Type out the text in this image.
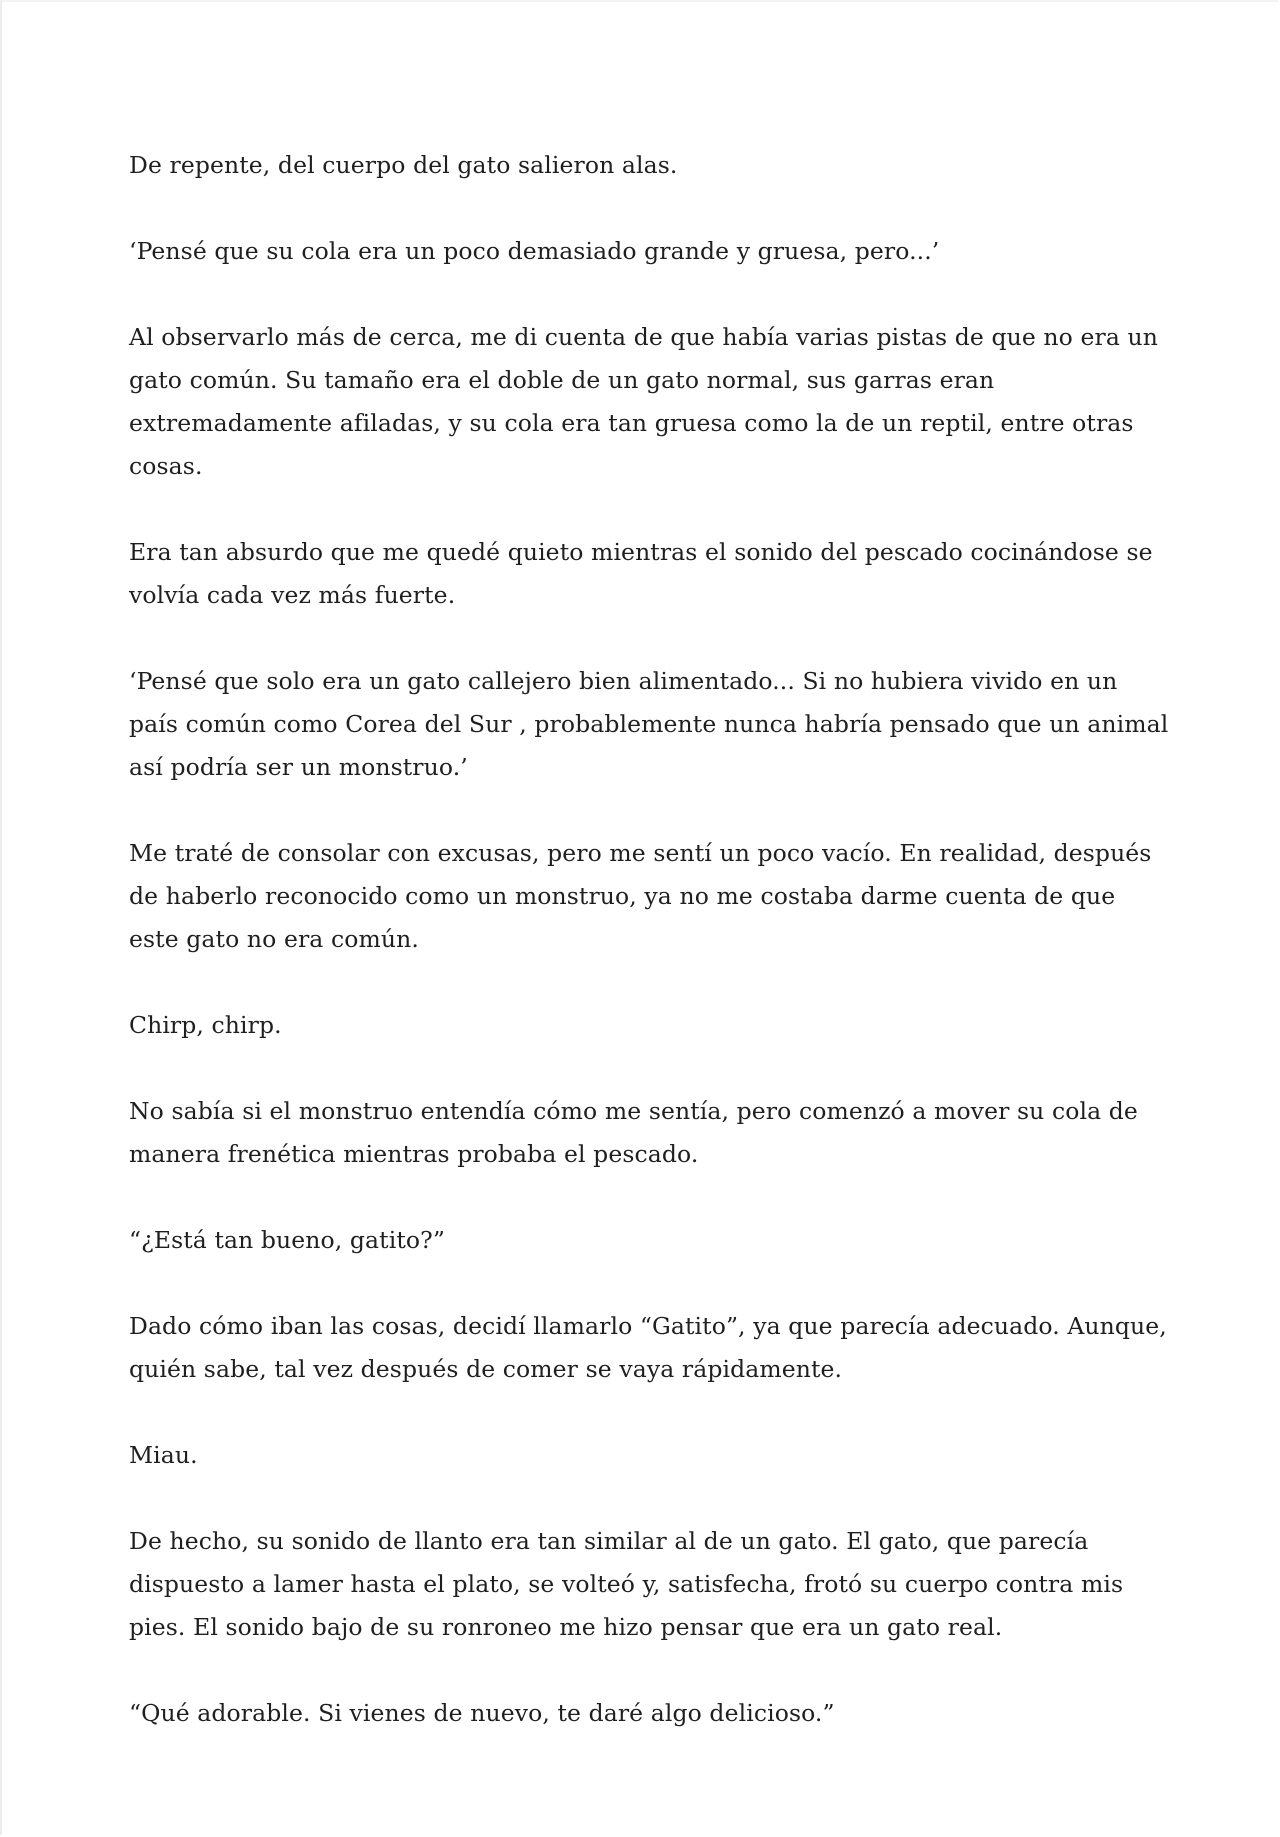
De repente, del cuerpo del gato salieron alas.

‘Pensé que su cola era un poco demasiado grande y gruesa, pero...’

Al observarlo más de cerca, me di cuenta de que había varias pistas de que no era un gato común. Su tamaño era el doble de un gato normal, sus garras eran extremadamente afiladas, y su cola era tan gruesa como la de un reptil, entre otras cosas.

Era tan absurdo que me quedé quieto mientras el sonido del pescado cocinándose se volvía cada vez más fuerte.

‘Pensé que solo era un gato callejero bien alimentado... Si no hubiera vivido en un país común como Corea del Sur , probablemente nunca habría pensado que un animal así podría ser un monstruo.’

Me traté de consolar con excusas, pero me sentí un poco vacío. En realidad, después de haberlo reconocido como un monstruo, ya no me costaba darme cuenta de que este gato no era común.

Chirp, chirp.

No sabía si el monstruo entendía cómo me sentía, pero comenzó a mover su cola de manera frenética mientras probaba el pescado.

“¿Está tan bueno, gatito?”

Dado cómo iban las cosas, decidí llamarlo “Gatito”, ya que parecía adecuado. Aunque, quién sabe, tal vez después de comer se vaya rápidamente.

Miau.

De hecho, su sonido de llanto era tan similar al de un gato. El gato, que parecía dispuesto a lamer hasta el plato, se volteó y, satisfecha, frotó su cuerpo contra mis pies. El sonido bajo de su ronroneo me hizo pensar que era un gato real.

“Qué adorable. Si vienes de nuevo, te daré algo delicioso.”
